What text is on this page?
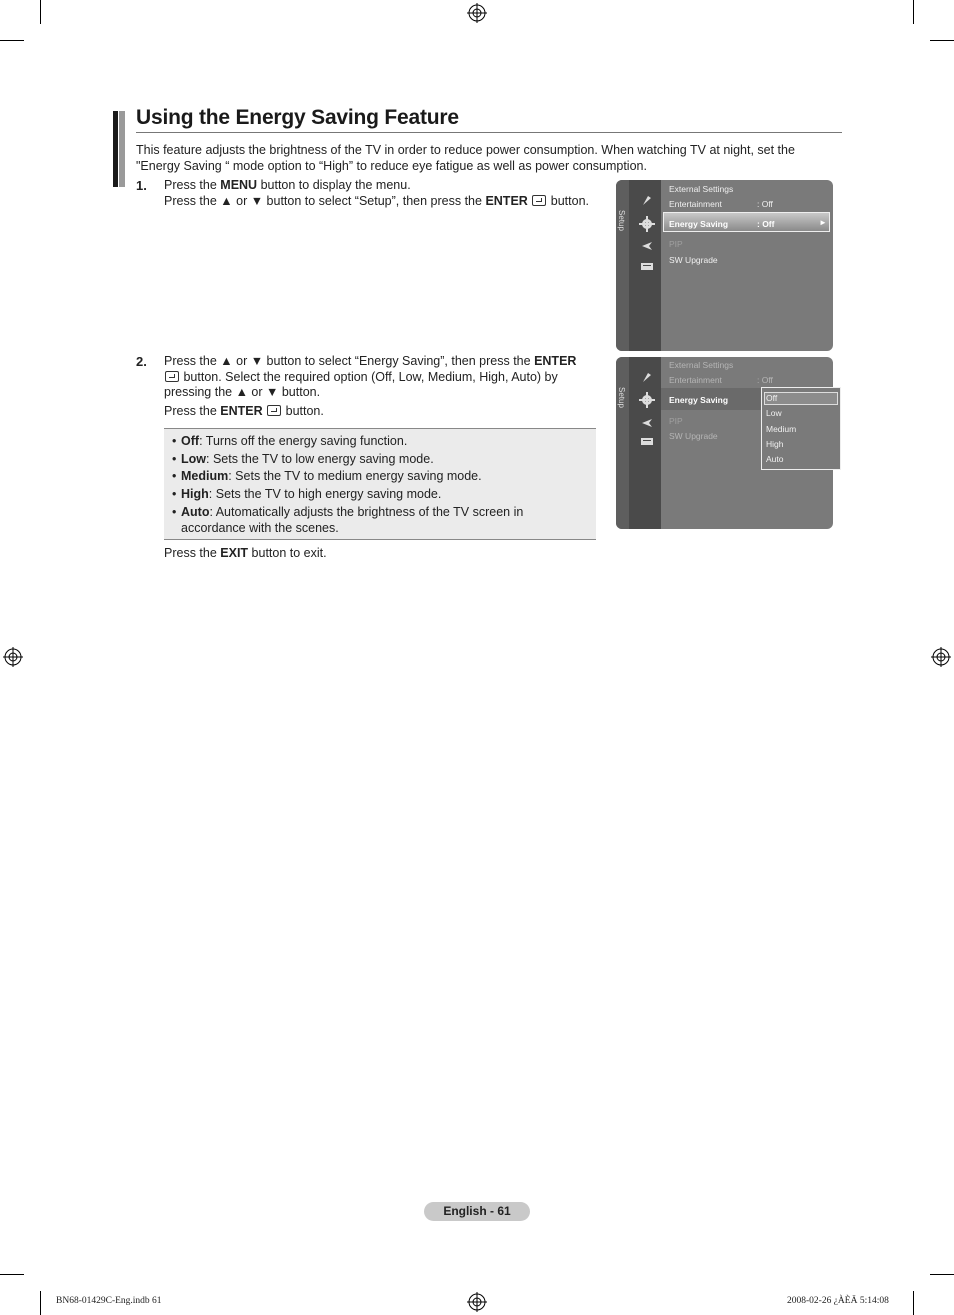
Using the Energy Saving Feature
This feature adjusts the brightness of the TV in order to reduce power consumption. When watching TV at night, set the "Energy Saving “ mode option to “High” to reduce eye fatigue as well as power consumption.
1. Press the MENU button to display the menu.
Press the ▲ or ▼ button to select “Setup”, then press the ENTER  button.
Setup
External Settings
Entertainment	: Off
Energy Saving	: Off	►
PIP
SW Upgrade
2. Press the ▲ or ▼ button to select “Energy Saving”, then press the ENTER
button. Select the required option (Off, Low, Medium, High, Auto) by pressing the ▲ or ▼ button.
Press the ENTER  button.
• Off: Turns off the energy saving function.
• Low: Sets the TV to low energy saving mode.
• Medium: Sets the TV to medium energy saving mode.
• High: Sets the TV to high energy saving mode.
• Auto: Automatically adjusts the brightness of the TV screen in accordance with the scenes.
Press the EXIT button to exit.
Setup
External Settings
Entertainment	: Off
Energy Saving
PIP
SW Upgrade
Off
Low
Medium
High
Auto
English - 61
BN68-01429C-Eng.indb 61	2008-02-26 ¿ÀÈÄ 5:14:08
